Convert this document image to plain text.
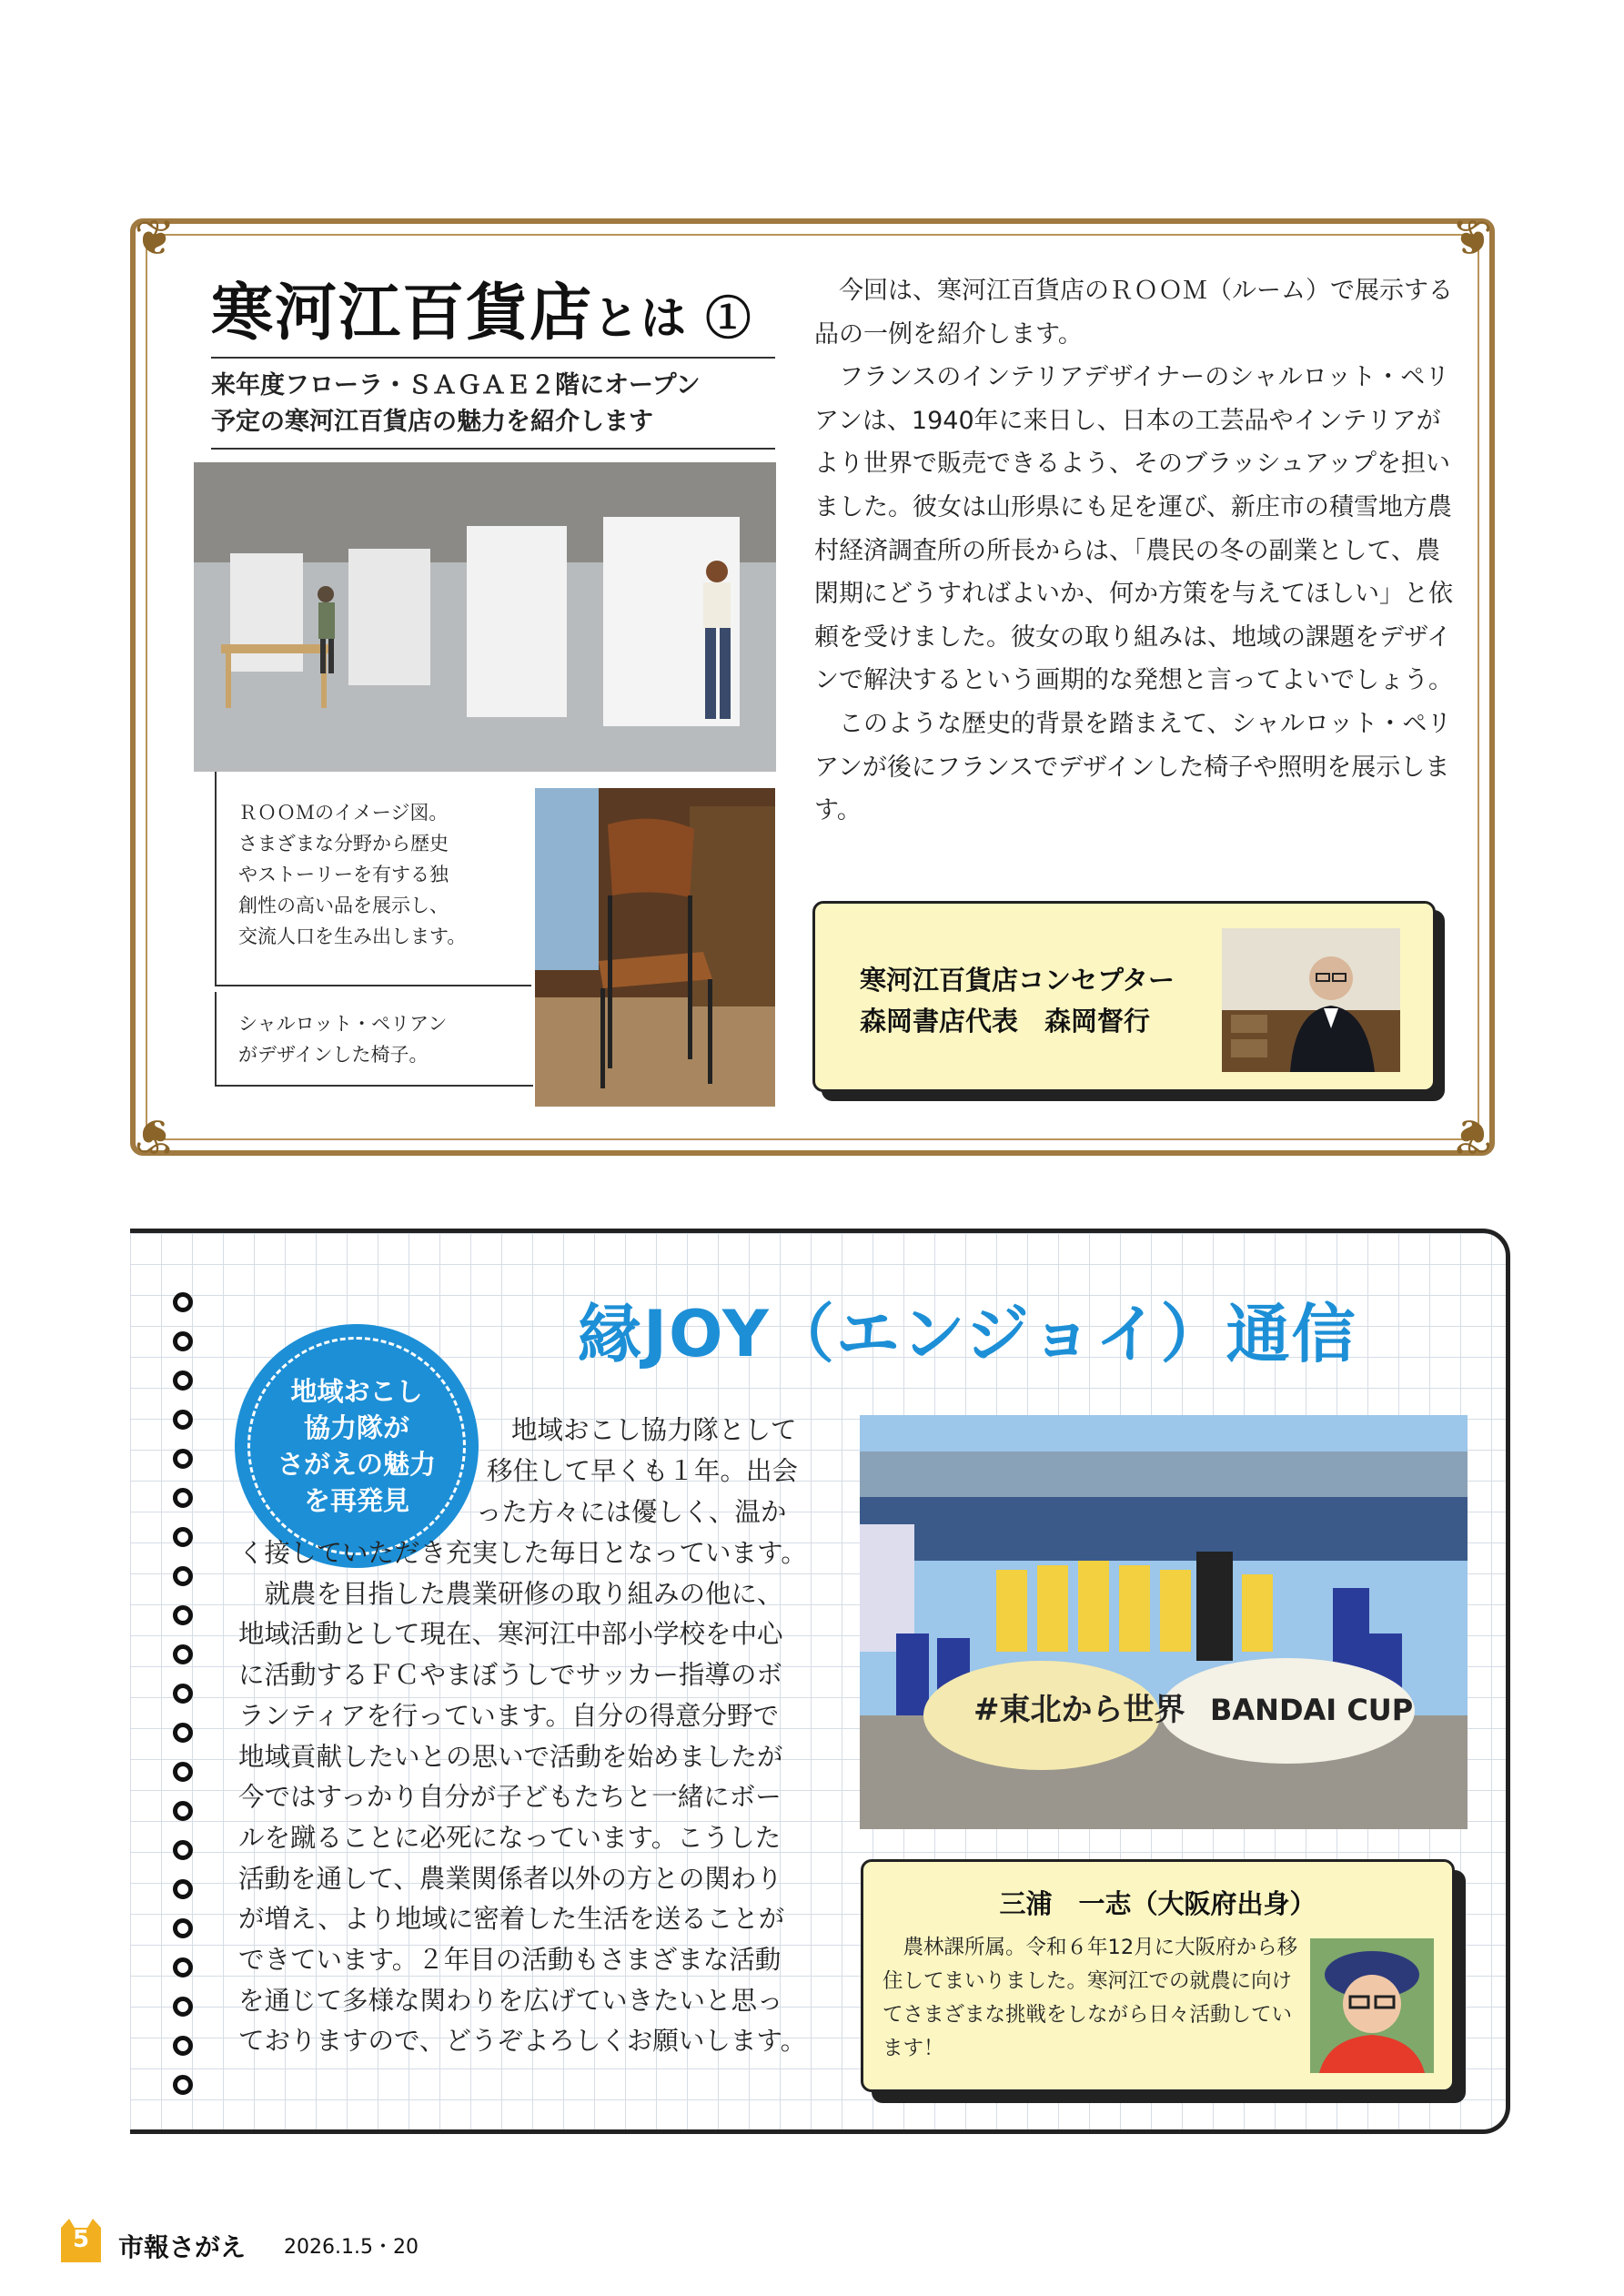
❦	❦
❦	❦
寒河江百貨店とは ①
来年度フローラ・ＳＡＧＡＥ２階にオープン
予定の寒河江百貨店の魅力を紹介します
ＲＯＯＭのイメージ図。
さまざまな分野から歴史
やストーリーを有する独
創性の高い品を展示し、
交流人口を生み出します。
シャルロット・ペリアン
がデザインした椅子。

今回は、寒河江百貨店のＲＯＯＭ（ルーム）で展示する品の一例を紹介します。

フランスのインテリアデザイナーのシャルロット・ペリアンは、1940年に来日し、日本の工芸品やインテリアがより世界で販売できるよう、そのブラッシュアップを担いました。彼女は山形県にも足を運び、新庄市の積雪地方農村経済調査所の所長からは、「農民の冬の副業として、農閑期にどうすればよいか、何か方策を与えてほしい」と依頼を受けました。彼女の取り組みは、地域の課題をデザインで解決するという画期的な発想と言ってよいでしょう。

このような歴史的背景を踏まえて、シャルロット・ペリアンが後にフランスでデザインした椅子や照明を展示します。

寒河江百貨店コンセプター
森岡書店代表　森岡督行
地域おこし
協力隊が
さがえの魅力
を再発見
縁JOY（エンジョイ）通信
地域おこし協力隊として
移住して早くも１年。出会
った方々には優しく、温か
く接していただき充実した毎日となっています。
　就農を目指した農業研修の取り組みの他に、
地域活動として現在、寒河江中部小学校を中心
に活動するＦＣやまぼうしでサッカー指導のボ
ランティアを行っています。自分の得意分野で
地域貢献したいとの思いで活動を始めましたが
今ではすっかり自分が子どもたちと一緒にボー
ルを蹴ることに必死になっています。こうした
活動を通して、農業関係者以外の方との関わり
が増え、より地域に密着した生活を送ることが
できています。２年目の活動もさまざまな活動
を通じて多様な関わりを広げていきたいと思っ
ておりますので、どうぞよろしくお願いします。
#東北から世界 BANDAI CUP
三浦　一志（大阪府出身）

農林課所属。令和６年12月に大阪府から移住してまいりました。寒河江での就農に向けてさまざまな挑戦をしながら日々活動しています！

5	市報さがえ 2026.1.5・20
